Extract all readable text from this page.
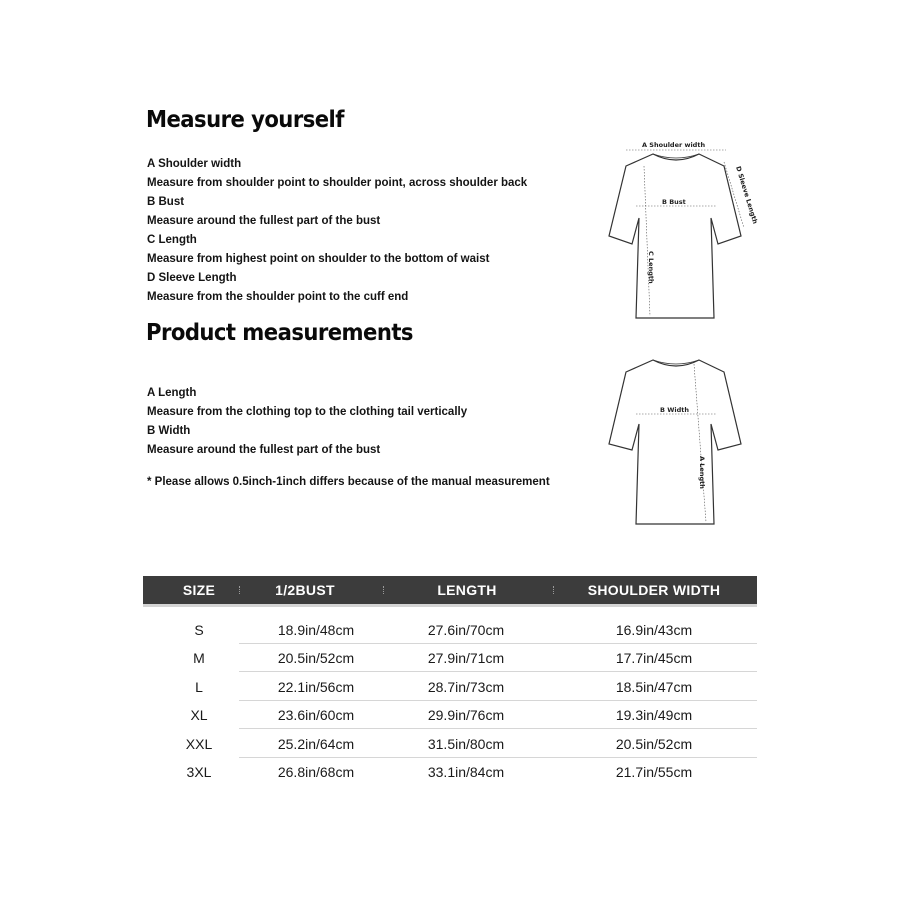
Measure yourself
A Shoulder width
Measure from shoulder point to shoulder point, across shoulder back
B Bust
Measure around the fullest part of the bust
C Length
Measure from highest point on shoulder to the bottom of waist
D Sleeve Length
Measure from the shoulder point to the cuff end
Product measurements
A Length
Measure from the clothing top to the clothing tail vertically
B Width
Measure around the fullest part of the bust
* Please allows 0.5inch-1inch differs because of the manual measurement
A Shoulder width
B Bust
C Length
D Sleeve Length
B Width
A Length
SIZE	1/2BUST	LENGTH	SHOULDER WIDTH
S	18.9in/48cm	27.6in/70cm	16.9in/43cm
M	20.5in/52cm	27.9in/71cm	17.7in/45cm
L	22.1in/56cm	28.7in/73cm	18.5in/47cm
XL	23.6in/60cm	29.9in/76cm	19.3in/49cm
XXL	25.2in/64cm	31.5in/80cm	20.5in/52cm
3XL	26.8in/68cm	33.1in/84cm	21.7in/55cm
